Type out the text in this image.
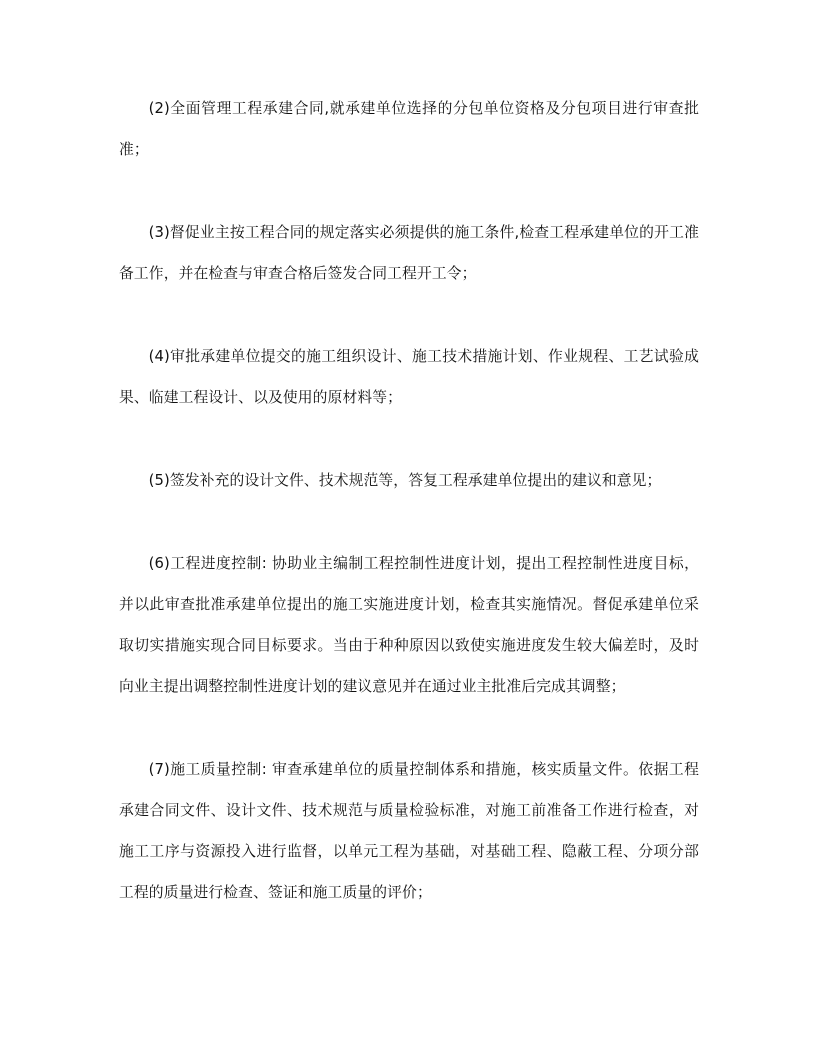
(2)全面管理工程承建合同,就承建单位选择的分包单位资格及分包项目进行审查批准；

(3)督促业主按工程合同的规定落实必须提供的施工条件,检查工程承建单位的开工准备工作，并在检查与审查合格后签发合同工程开工令；

(4)审批承建单位提交的施工组织设计、施工技术措施计划、作业规程、工艺试验成果、临建工程设计、以及使用的原材料等；

(5)签发补充的设计文件、技术规范等，答复工程承建单位提出的建议和意见；

(6)工程进度控制: 协助业主编制工程控制性进度计划，提出工程控制性进度目标，并以此审查批准承建单位提出的施工实施进度计划，检查其实施情况。督促承建单位采取切实措施实现合同目标要求。当由于种种原因以致使实施进度发生较大偏差时，及时向业主提出调整控制性进度计划的建议意见并在通过业主批准后完成其调整；

(7)施工质量控制: 审查承建单位的质量控制体系和措施，核实质量文件。依据工程承建合同文件、设计文件、技术规范与质量检验标准，对施工前准备工作进行检查，对施工工序与资源投入进行监督，以单元工程为基础，对基础工程、隐蔽工程、分项分部工程的质量进行检查、签证和施工质量的评价；
